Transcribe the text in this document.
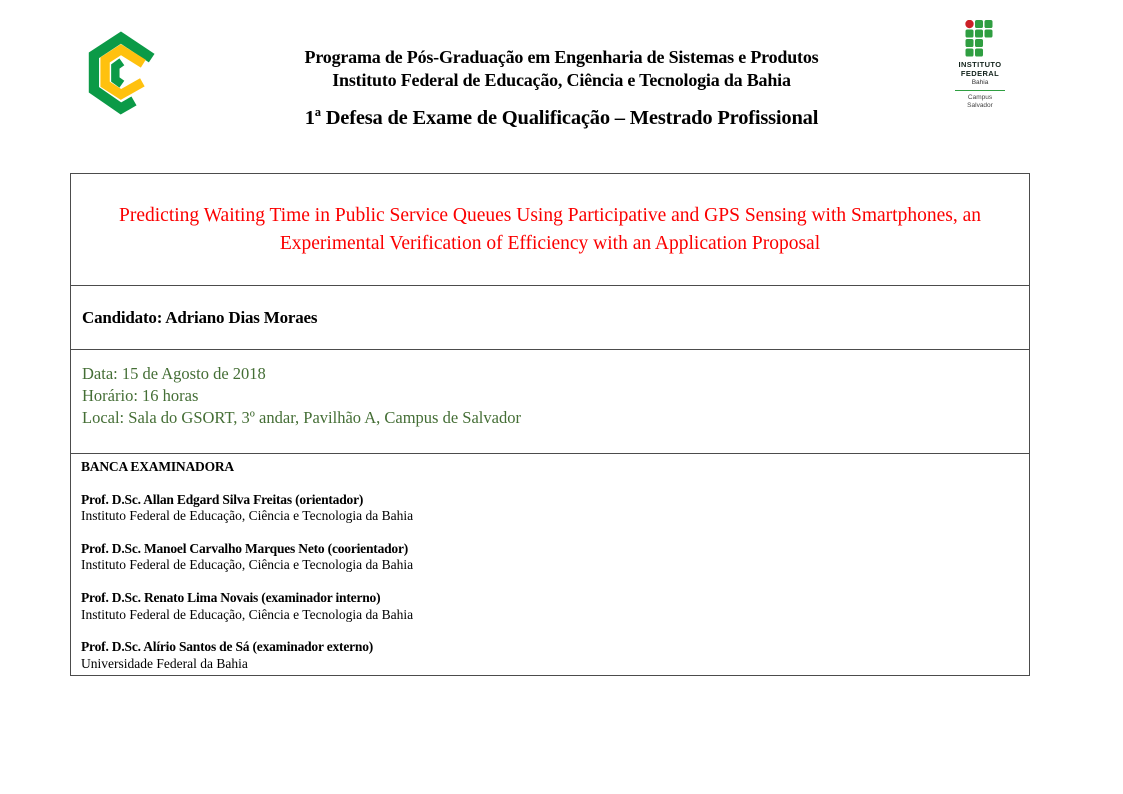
Programa de Pós-Graduação em Engenharia de Sistemas e Produtos
Instituto Federal de Educação, Ciência e Tecnologia da Bahia
1ª Defesa de Exame de Qualificação – Mestrado Profissional
INSTITUTO
FEDERAL
Bahia
Campus
Salvador
Predicting Waiting Time in Public Service Queues Using Participative and GPS Sensing with Smartphones, an Experimental Verification of Efficiency with an Application Proposal
Candidato: Adriano Dias Moraes
Data: 15 de Agosto de 2018
Horário: 16 horas
Local: Sala do GSORT, 3º andar, Pavilhão A, Campus de Salvador
BANCA EXAMINADORA
Prof. D.Sc. Allan Edgard Silva Freitas (orientador)
Instituto Federal de Educação, Ciência e Tecnologia da Bahia
Prof. D.Sc. Manoel Carvalho Marques Neto (coorientador)
Instituto Federal de Educação, Ciência e Tecnologia da Bahia
Prof. D.Sc. Renato Lima Novais (examinador interno)
Instituto Federal de Educação, Ciência e Tecnologia da Bahia
Prof. D.Sc. Alírio Santos de Sá (examinador externo)
Universidade Federal da Bahia
